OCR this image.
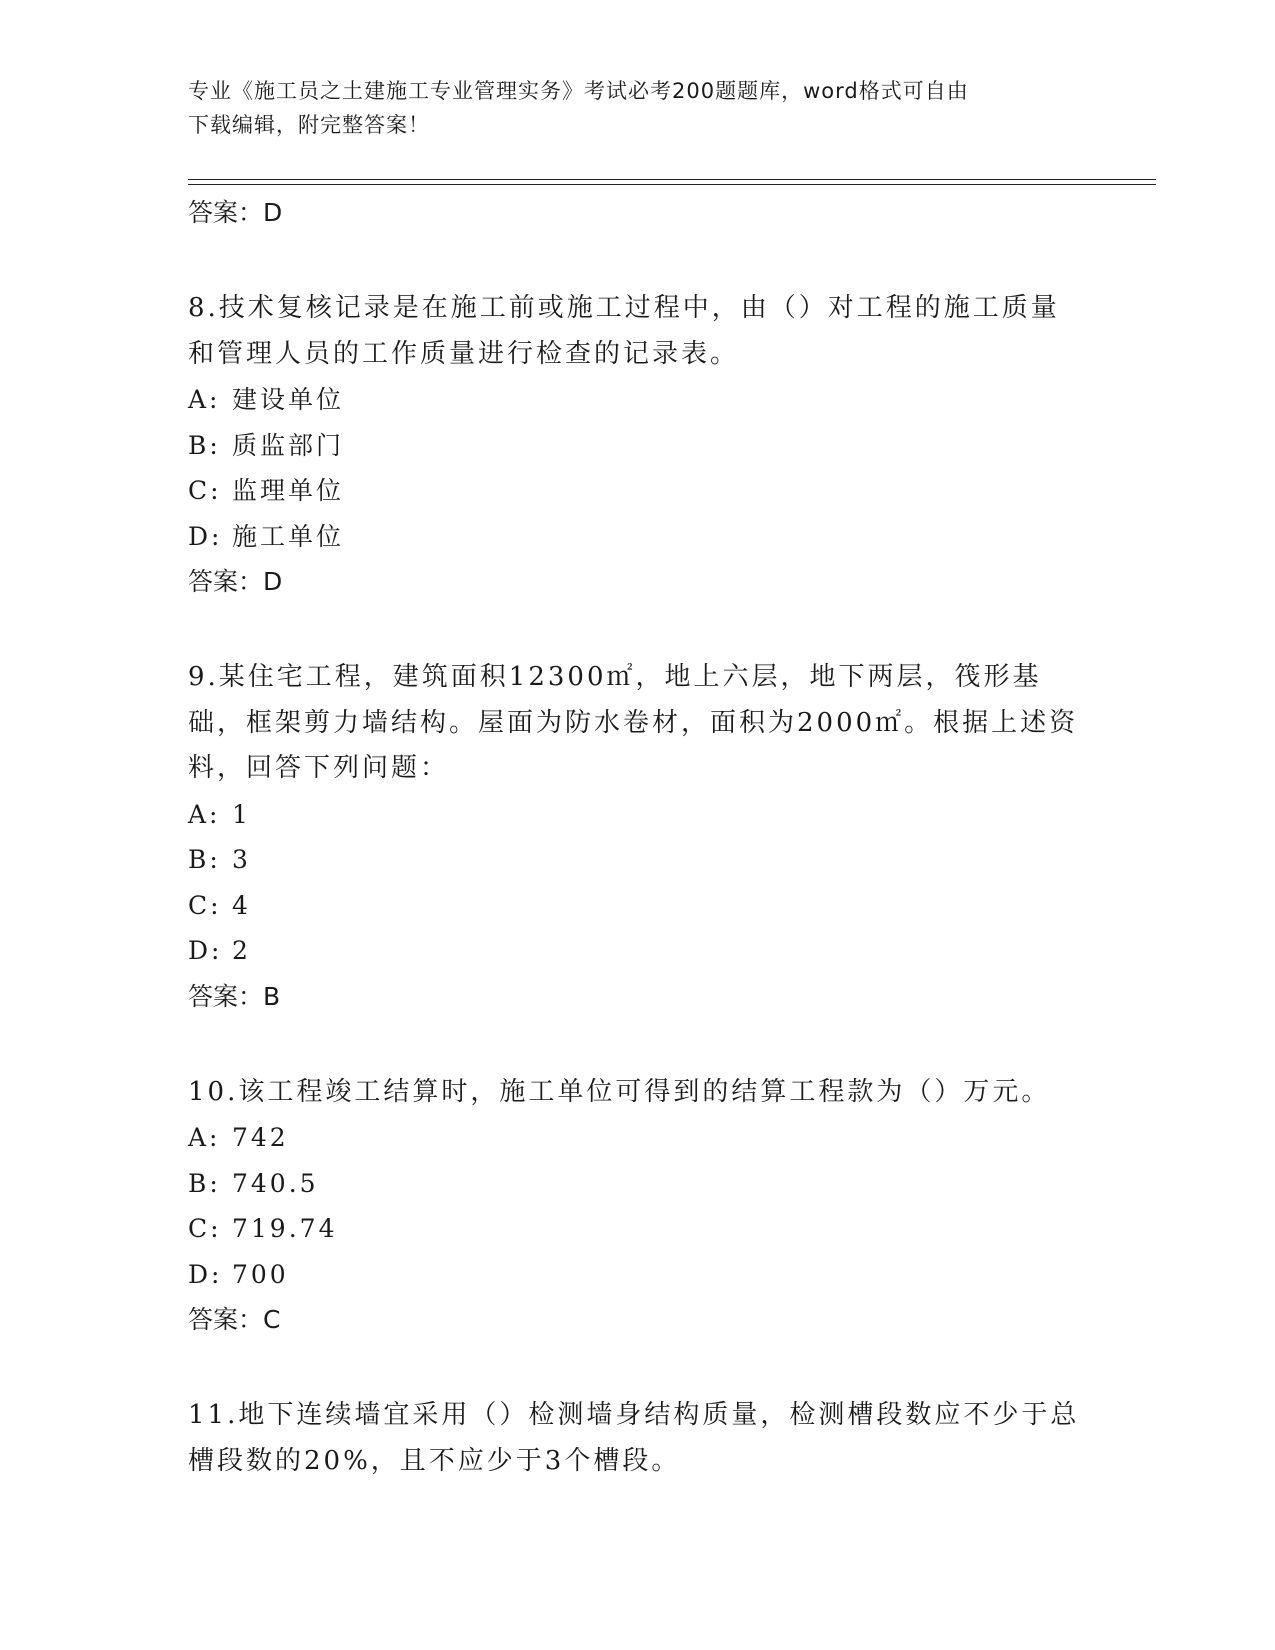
专业《施工员之土建施工专业管理实务》考试必考200题题库，word格式可自由
下载编辑，附完整答案！

答案：D

8.技术复核记录是在施工前或施工过程中，由（）对工程的施工质量和管理人员的工作质量进行检查的记录表。

A: 建设单位

B: 质监部门

C: 监理单位

D: 施工单位

答案：D

9.某住宅工程，建筑面积12300㎡，地上六层，地下两层，筏形基础，框架剪力墙结构。屋面为防水卷材，面积为2000㎡。根据上述资料，回答下列问题：

A: 1

B: 3

C: 4

D: 2

答案：B

10.该工程竣工结算时，施工单位可得到的结算工程款为（）万元。

A: 742

B: 740.5

C: 719.74

D: 700

答案：C

11.地下连续墙宜采用（）检测墙身结构质量，检测槽段数应不少于总槽段数的20%，且不应少于3个槽段。
